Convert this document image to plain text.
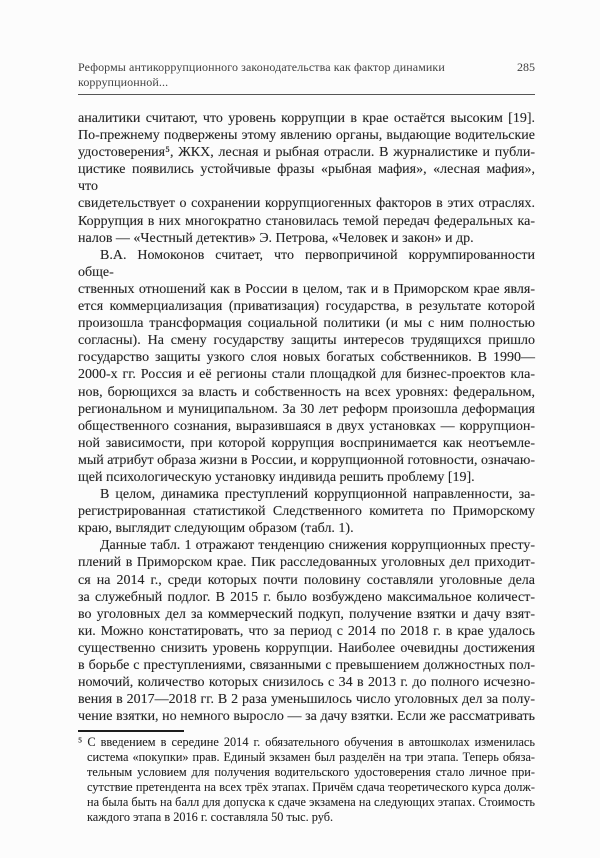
Реформы антикоррупционного законодательства как фактор динамики коррупционной...
285
аналитики считают, что уровень коррупции в крае остаётся высоким [19].
По-прежнему подвержены этому явлению органы, выдающие водительские
удостоверения⁵, ЖКХ, лесная и рыбная отрасли. В журналистике и публи-
цистике появились устойчивые фразы «рыбная мафия», «лесная мафия», что
свидетельствует о сохранении коррупциогенных факторов в этих отраслях.
Коррупция в них многократно становилась темой передач федеральных ка-
налов — «Честный детектив» Э. Петрова, «Человек и закон» и др.
В.А. Номоконов считает, что первопричиной коррумпированности обще-
ственных отношений как в России в целом, так и в Приморском крае явля-
ется коммерциализация (приватизация) государства, в результате которой
произошла трансформация социальной политики (и мы с ним полностью
согласны). На смену государству защиты интересов трудящихся пришло
государство защиты узкого слоя новых богатых собственников. В 1990—
2000-х гг. Россия и её регионы стали площадкой для бизнес-проектов кла-
нов, борющихся за власть и собственность на всех уровнях: федеральном,
региональном и муниципальном. За 30 лет реформ произошла деформация
общественного сознания, выразившаяся в двух установках — коррупцион-
ной зависимости, при которой коррупция воспринимается как неотъемле-
мый атрибут образа жизни в России, и коррупционной готовности, означаю-
щей психологическую установку индивида решить проблему [19].
В целом, динамика преступлений коррупционной направленности, за-
регистрированная статистикой Следственного комитета по Приморскому
краю, выглядит следующим образом (табл. 1).
Данные табл. 1 отражают тенденцию снижения коррупционных престу-
плений в Приморском крае. Пик расследованных уголовных дел приходит-
ся на 2014 г., среди которых почти половину составляли уголовные дела
за служебный подлог. В 2015 г. было возбуждено максимальное количест-
во уголовных дел за коммерческий подкуп, получение взятки и дачу взят-
ки. Можно констатировать, что за период с 2014 по 2018 г. в крае удалось
существенно снизить уровень коррупции. Наиболее очевидны достижения
в борьбе с преступлениями, связанными с превышением должностных пол-
номочий, количество которых снизилось с 34 в 2013 г. до полного исчезно-
вения в 2017—2018 гг. В 2 раза уменьшилось число уголовных дел за полу-
чение взятки, но немного выросло — за дачу взятки. Если же рассматривать
⁵ С введением в середине 2014 г. обязательного обучения в автошколах изменилась
система «покупки» прав. Единый экзамен был разделён на три этапа. Теперь обяза-
тельным условием для получения водительского удостоверения стало личное при-
сутствие претендента на всех трёх этапах. Причём сдача теоретического курса долж-
на была быть на балл для допуска к сдаче экзамена на следующих этапах. Стоимость
каждого этапа в 2016 г. составляла 50 тыс. руб.
